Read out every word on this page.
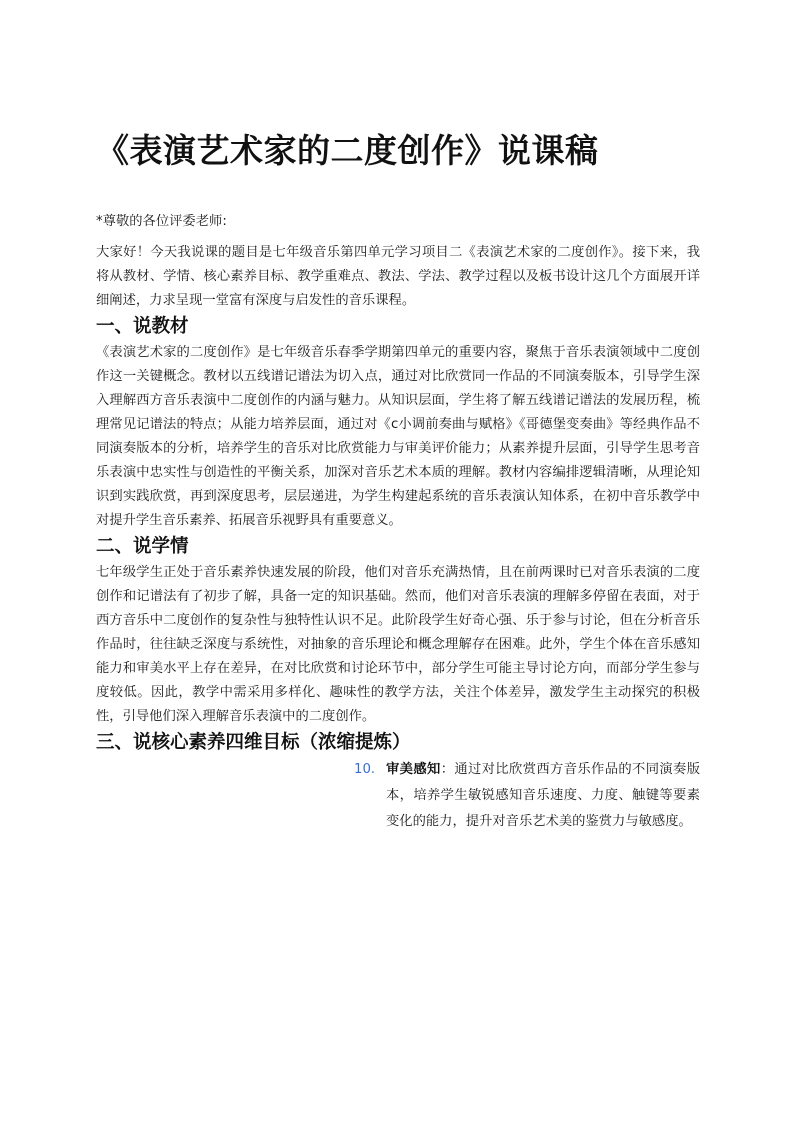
《表演艺术家的二度创作》说课稿
*尊敬的各位评委老师:

大家好！今天我说课的题目是七年级音乐第四单元学习项目二《表演艺术家的二度创作》。接下来，我将从教材、学情、核心素养目标、教学重难点、教法、学法、教学过程以及板书设计这几个方面展开详细阐述，力求呈现一堂富有深度与启发性的音乐课程。

一、说教材

《表演艺术家的二度创作》是七年级音乐春季学期第四单元的重要内容，聚焦于音乐表演领域中二度创作这一关键概念。教材以五线谱记谱法为切入点，通过对比欣赏同一作品的不同演奏版本，引导学生深入理解西方音乐表演中二度创作的内涵与魅力。从知识层面，学生将了解五线谱记谱法的发展历程，梳理常见记谱法的特点；从能力培养层面，通过对《c小调前奏曲与赋格》《哥德堡变奏曲》等经典作品不同演奏版本的分析，培养学生的音乐对比欣赏能力与审美评价能力；从素养提升层面，引导学生思考音乐表演中忠实性与创造性的平衡关系，加深对音乐艺术本质的理解。教材内容编排逻辑清晰，从理论知识到实践欣赏，再到深度思考，层层递进，为学生构建起系统的音乐表演认知体系，在初中音乐教学中对提升学生音乐素养、拓展音乐视野具有重要意义。

二、说学情

七年级学生正处于音乐素养快速发展的阶段，他们对音乐充满热情，且在前两课时已对音乐表演的二度创作和记谱法有了初步了解，具备一定的知识基础。然而，他们对音乐表演的理解多停留在表面，对于西方音乐中二度创作的复杂性与独特性认识不足。此阶段学生好奇心强、乐于参与讨论，但在分析音乐作品时，往往缺乏深度与系统性，对抽象的音乐理论和概念理解存在困难。此外，学生个体在音乐感知能力和审美水平上存在差异，在对比欣赏和讨论环节中，部分学生可能主导讨论方向，而部分学生参与度较低。因此，教学中需采用多样化、趣味性的教学方法，关注个体差异，激发学生主动探究的积极性，引导他们深入理解音乐表演中的二度创作。

三、说核心素养四维目标（浓缩提炼）
10. 审美感知：通过对比欣赏西方音乐作品的不同演奏版本，培养学生敏锐感知音乐速度、力度、触键等要素变化的能力，提升对音乐艺术美的鉴赏力与敏感度。
